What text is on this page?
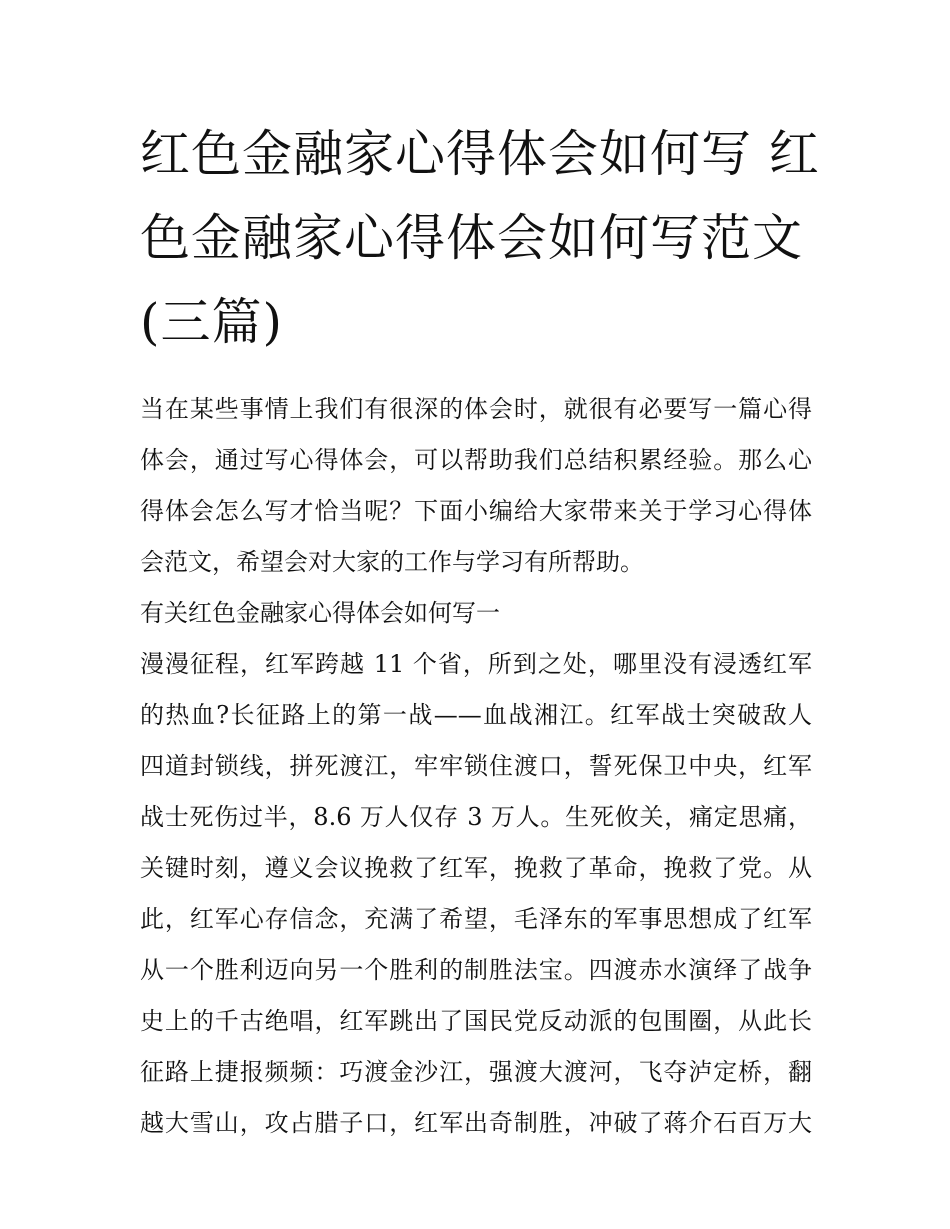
红色金融家心得体会如何写 红
色金融家心得体会如何写范文
(三篇)
当在某些事情上我们有很深的体会时，就很有必要写一篇心得
体会，通过写心得体会，可以帮助我们总结积累经验。那么心
得体会怎么写才恰当呢？下面小编给大家带来关于学习心得体
会范文，希望会对大家的工作与学习有所帮助。
有关红色金融家心得体会如何写一
漫漫征程，红军跨越 11 个省，所到之处，哪里没有浸透红军
的热血?长征路上的第一战——血战湘江。红军战士突破敌人
四道封锁线，拼死渡江，牢牢锁住渡口，誓死保卫中央，红军
战士死伤过半，8.6 万人仅存 3 万人。生死攸关，痛定思痛，
关键时刻，遵义会议挽救了红军，挽救了革命，挽救了党。从
此，红军心存信念，充满了希望，毛泽东的军事思想成了红军
从一个胜利迈向另一个胜利的制胜法宝。四渡赤水演绎了战争
史上的千古绝唱，红军跳出了国民党反动派的包围圈，从此长
征路上捷报频频：巧渡金沙江，强渡大渡河，飞夺泸定桥，翻
越大雪山，攻占腊子口，红军出奇制胜，冲破了蒋介石百万大
